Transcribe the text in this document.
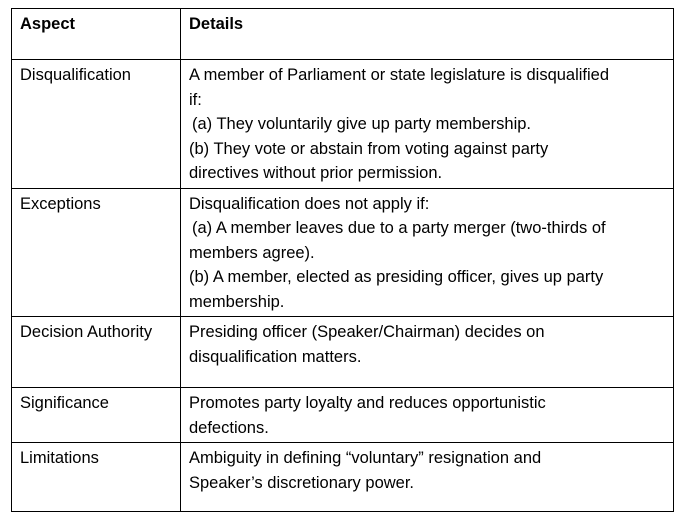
Aspect	Details
Disqualification	A member of Parliament or state legislature is disqualified
if:
(a) They voluntarily give up party membership.
(b) They vote or abstain from voting against party
directives without prior permission.

Exceptions	Disqualification does not apply if:
(a) A member leaves due to a party merger (two-thirds of
members agree).
(b) A member, elected as presiding officer, gives up party
membership.

Decision Authority	Presiding officer (Speaker/Chairman) decides on
disqualification matters.

Significance	Promotes party loyalty and reduces opportunistic
defections.

Limitations	Ambiguity in defining “voluntary” resignation and
Speaker’s discretionary power.
